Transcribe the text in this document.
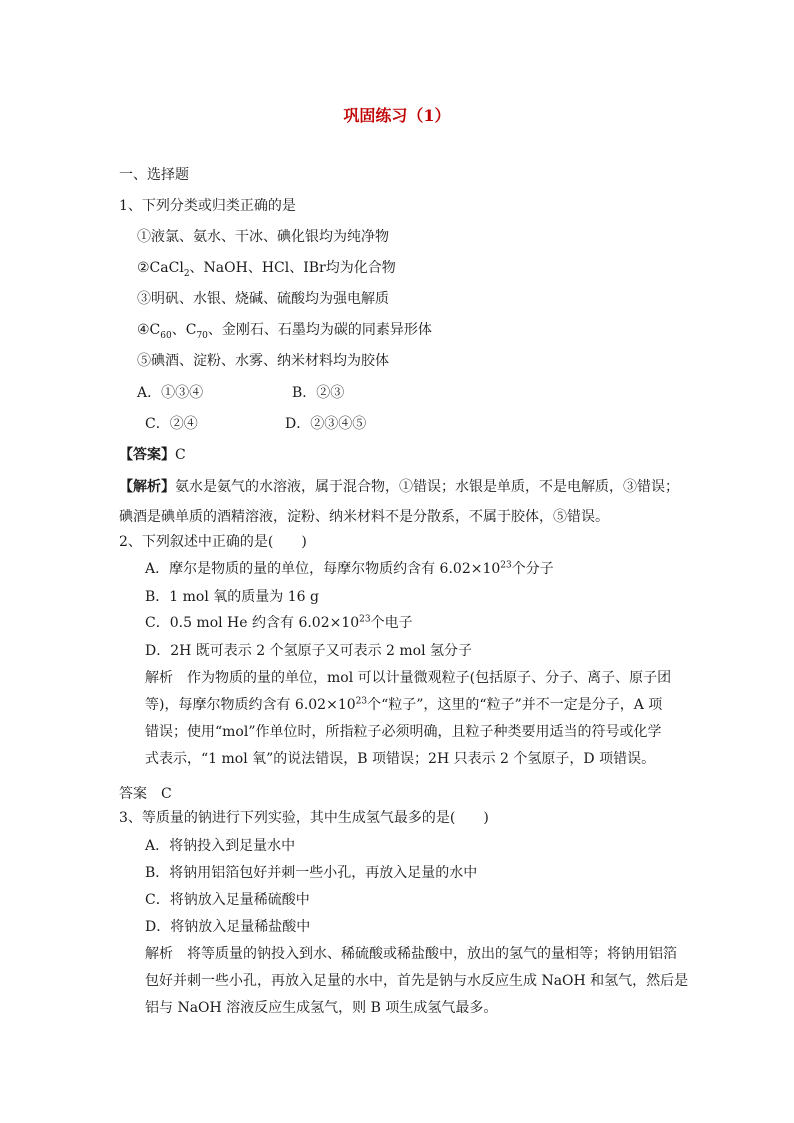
巩固练习（1）
一、选择题
1、下列分类或归类正确的是
①液氯、氨水、干冰、碘化银均为纯净物
②CaCl$_2$、NaOH、HCl、IBr均为化合物
③明矾、水银、烧碱、硫酸均为强电解质
$④C_{60}$、$C_{70}$、金刚石、石墨均为碳的同素异形体
⑤碘酒、淀粉、水雾、纳米材料均为胶体
A．①③④	B．②③
C．②④	D．②③④⑤
【答案】C
【解析】氨水是氨气的水溶液，属于混合物，①错误；水银是单质，不是电解质，③错误；
碘酒是碘单质的酒精溶液，淀粉、纳米材料不是分散系，不属于胶体，⑤错误。
2、下列叙述中正确的是(　　)
A．摩尔是物质的量的单位，每摩尔物质约含有 $6.02\times 10^{23}$个分子
B．1 mol 氧的质量为 16 g
C．0.5 mol He 约含有 $6.02\times 10^{23}$个电子
D．2H 既可表示 2 个氢原子又可表示 2 mol 氢分子
解析　作为物质的量的单位，mol 可以计量微观粒子(包括原子、分子、离子、原子团
等)，每摩尔物质约含有 $6.02\times 10^{23}$个“粒子”，这里的“粒子”并不一定是分子，A 项
错误；使用“mol”作单位时，所指粒子必须明确，且粒子种类要用适当的符号或化学
式表示，“1 mol 氧”的说法错误，B 项错误；2H 只表示 2 个氢原子，D 项错误。
答案　C
3、等质量的钠进行下列实验，其中生成氢气最多的是(　　)
A．将钠投入到足量水中
B．将钠用铝箔包好并刺一些小孔，再放入足量的水中
C．将钠放入足量稀硫酸中
D．将钠放入足量稀盐酸中
解析　将等质量的钠投入到水、稀硫酸或稀盐酸中，放出的氢气的量相等；将钠用铝箔
包好并刺一些小孔，再放入足量的水中，首先是钠与水反应生成 NaOH 和氢气，然后是
铝与 NaOH 溶液反应生成氢气，则 B 项生成氢气最多。
